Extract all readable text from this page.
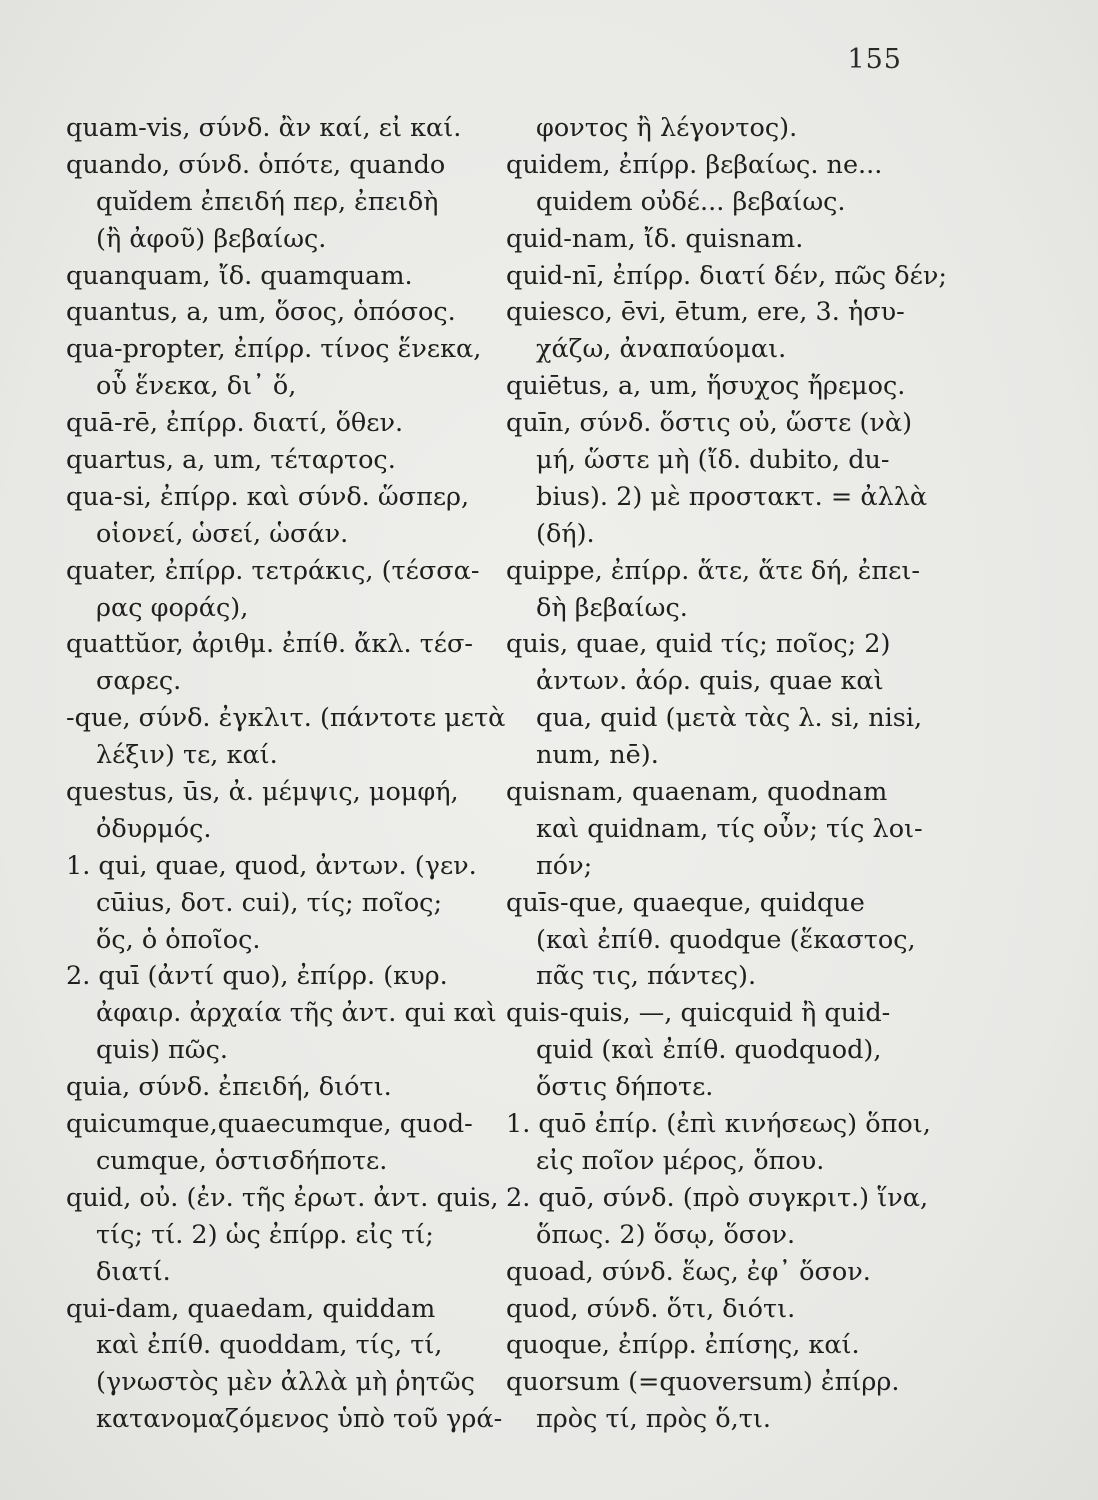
155
quam-vis, σύνδ. ἂν καί, εἰ καί.
quando, σύνδ. ὁπότε, quando
quĭdem ἐπειδή περ, ἐπειδὴ
(ἢ ἀφοῦ) βεβαίως.
quanquam, ἴδ. quamquam.
quantus, a, um, ὅσος, ὁπόσος.
qua-propter, ἐπίρρ. τίνος ἕνεκα,
οὗ ἕνεκα, δι᾽ ὅ,
quā-rē, ἐπίρρ. διατί, ὅθεν.
quartus, a, um, τέταρτος.
qua-si, ἐπίρρ. καὶ σύνδ. ὥσπερ,
οἱονεί, ὡσεί, ὡσάν.
quater, ἐπίρρ. τετράκις, (τέσσα-
ρας φοράς),
quattŭor, ἀριθμ. ἐπίθ. ἄκλ. τέσ-
σαρες.
-que, σύνδ. ἐγκλιτ. (πάντοτε μετὰ
λέξιν) τε, καί.
questus, ūs, ἀ. μέμψις, μομφή,
ὀδυρμός.
1. qui, quae, quod, ἀντων. (γεν.
cūius, δοτ. cui), τίς; ποῖος;
ὅς, ὁ ὁποῖος.
2. quī (ἀντί quo), ἐπίρρ. (κυρ.
ἀφαιρ. ἀρχαία τῆς ἀντ. qui καὶ
quis) πῶς.
quia, σύνδ. ἐπειδή, διότι.
quicumque,quaecumque, quod-
cumque, ὁστισδήποτε.
quid, οὐ. (ἐν. τῆς ἐρωτ. ἀντ. quis,
τίς; τί. 2) ὡς ἐπίρρ. εἰς τί;
διατί.
qui-dam, quaedam, quiddam
καὶ ἐπίθ. quoddam, τίς, τί,
(γνωστὸς μὲν ἀλλὰ μὴ ῥητῶς
κατανομαζόμενος ὑπὸ τοῦ γρά-
φοντος ἢ λέγοντος).
quidem, ἐπίρρ. βεβαίως. ne...
quidem οὐδέ... βεβαίως.
quid-nam, ἴδ. quisnam.
quid-nī, ἐπίρρ. διατί δέν, πῶς δέν;
quiesco, ēvi, ētum, ere, 3. ἡσυ-
χάζω, ἀναπαύομαι.
quiētus, a, um, ἥσυχος ἤρεμος.
quīn, σύνδ. ὅστις οὐ, ὥστε (νὰ)
μή, ὥστε μὴ (ἴδ. dubito, du-
bius). 2) μὲ προστακτ. = ἀλλὰ
(δή).
quippe, ἐπίρρ. ἅτε, ἅτε δή, ἐπει-
δὴ βεβαίως.
quis, quae, quid τίς; ποῖος; 2)
ἀντων. ἀόρ. quis, quae καὶ
qua, quid (μετὰ τὰς λ. si, nisi,
num, nē).
quisnam, quaenam, quodnam
καὶ quidnam, τίς οὖν; τίς λοι-
πόν;
quīs-que, quaeque, quidque
(καὶ ἐπίθ. quodque (ἕκαστος,
πᾶς τις, πάντες).
quis-quis, —, quicquid ἢ quid-
quid (καὶ ἐπίθ. quodquod),
ὅστις δήποτε.
1. quō ἐπίρ. (ἐπὶ κινήσεως) ὅποι,
εἰς ποῖον μέρος, ὅπου.
2. quō, σύνδ. (πρὸ συγκριτ.) ἵνα,
ὅπως. 2) ὅσῳ, ὅσον.
quoad, σύνδ. ἕως, ἐφ᾽ ὅσον.
quod, σύνδ. ὅτι, διότι.
quoque, ἐπίρρ. ἐπίσης, καί.
quorsum (=quoversum) ἐπίρρ.
πρὸς τί, πρὸς ὅ,τι.
